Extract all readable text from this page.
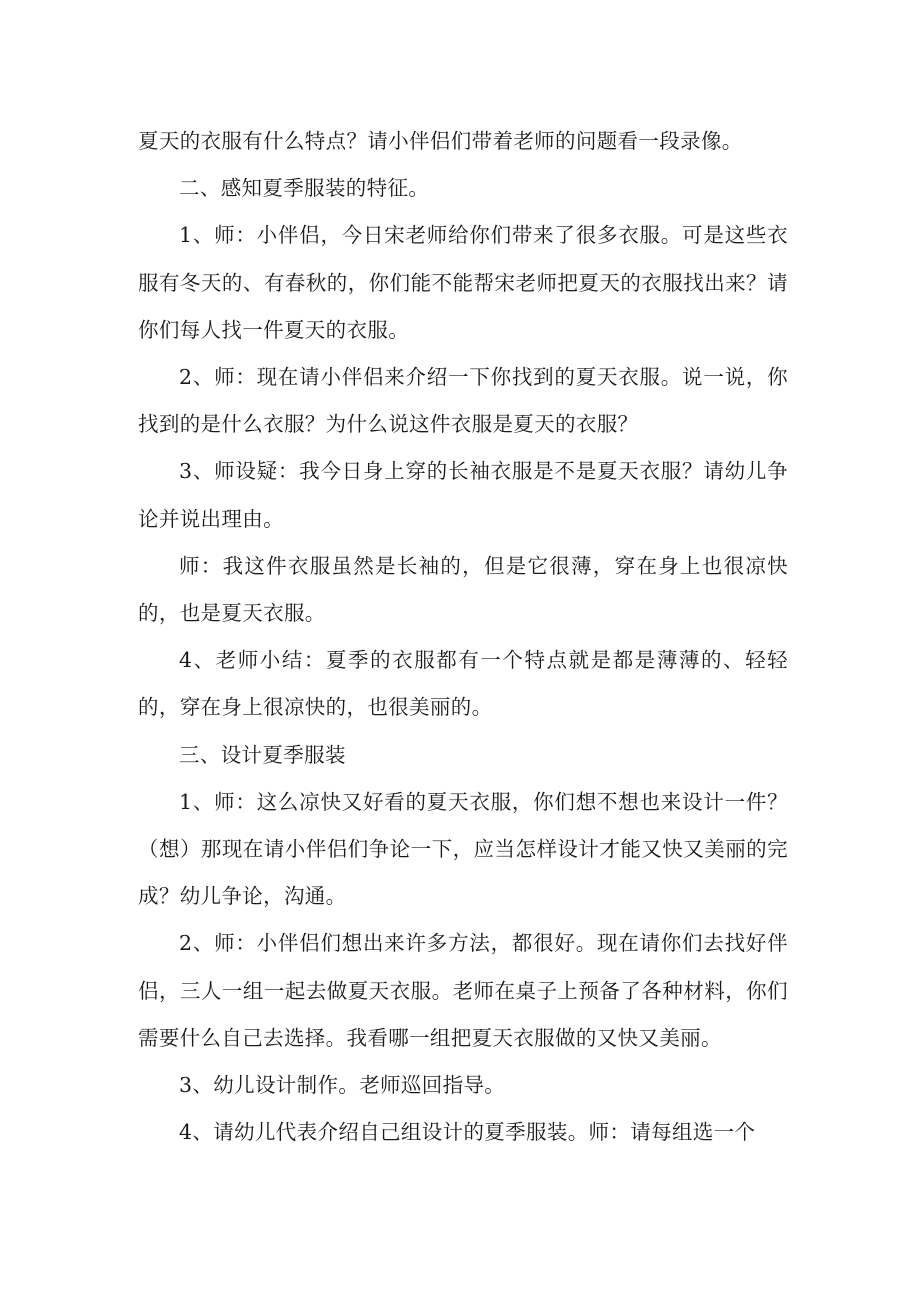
夏天的衣服有什么特点？请小伴侣们带着老师的问题看一段录像。

二、感知夏季服装的特征。

1、师：小伴侣，今日宋老师给你们带来了很多衣服。可是这些衣服有冬天的、有春秋的，你们能不能帮宋老师把夏天的衣服找出来？请你们每人找一件夏天的衣服。

2、师：现在请小伴侣来介绍一下你找到的夏天衣服。说一说，你找到的是什么衣服？为什么说这件衣服是夏天的衣服？

3、师设疑：我今日身上穿的长袖衣服是不是夏天衣服？请幼儿争论并说出理由。

师：我这件衣服虽然是长袖的，但是它很薄，穿在身上也很凉快的，也是夏天衣服。

4、老师小结：夏季的衣服都有一个特点就是都是薄薄的、轻轻的，穿在身上很凉快的，也很美丽的。

三、设计夏季服装

1、师：这么凉快又好看的夏天衣服，你们想不想也来设计一件？（想）那现在请小伴侣们争论一下，应当怎样设计才能又快又美丽的完成？幼儿争论，沟通。

2、师：小伴侣们想出来许多方法，都很好。现在请你们去找好伴侣，三人一组一起去做夏天衣服。老师在桌子上预备了各种材料，你们需要什么自己去选择。我看哪一组把夏天衣服做的又快又美丽。

3、幼儿设计制作。老师巡回指导。

4、请幼儿代表介绍自己组设计的夏季服装。师：请每组选一个
